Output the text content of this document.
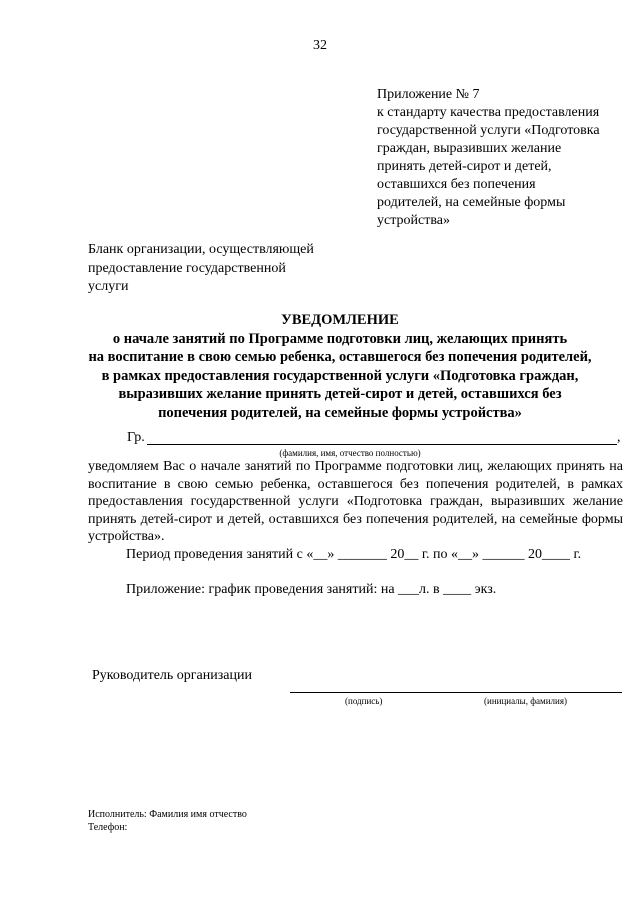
32
Приложение № 7
к стандарту качества предоставления
государственной услуги «Подготовка
граждан, выразивших желание
принять детей-сирот и детей,
оставшихся без попечения
родителей, на семейные формы
устройства»
Бланк организации, осуществляющей
предоставление государственной
услуги
УВЕДОМЛЕНИЕ
о начале занятий по Программе подготовки лиц, желающих принять
на воспитание в свою семью ребенка, оставшегося без попечения родителей,
в рамках предоставления государственной услуги «Подготовка граждан,
выразивших желание принять детей-сирот и детей, оставшихся без
попечения родителей, на семейные формы устройства»
Гр.	,
(фамилия, имя, отчество полностью)

уведомляем Вас о начале занятий по Программе подготовки лиц, желающих принять на воспитание в свою семью ребенка, оставшегося без попечения родителей, в рамках предоставления государственной услуги «Подготовка граждан, выразивших желание принять детей-сирот и детей, оставшихся без попечения родителей, на семейные формы устройства».

Период проведения занятий с «__» _______ 20__ г. по «__» ______ 20____ г.
Приложение: график проведения занятий: на ___л. в ____ экз.
Руководитель организации
(подпись)	(инициалы, фамилия)
Исполнитель: Фамилия имя отчество
Телефон:
